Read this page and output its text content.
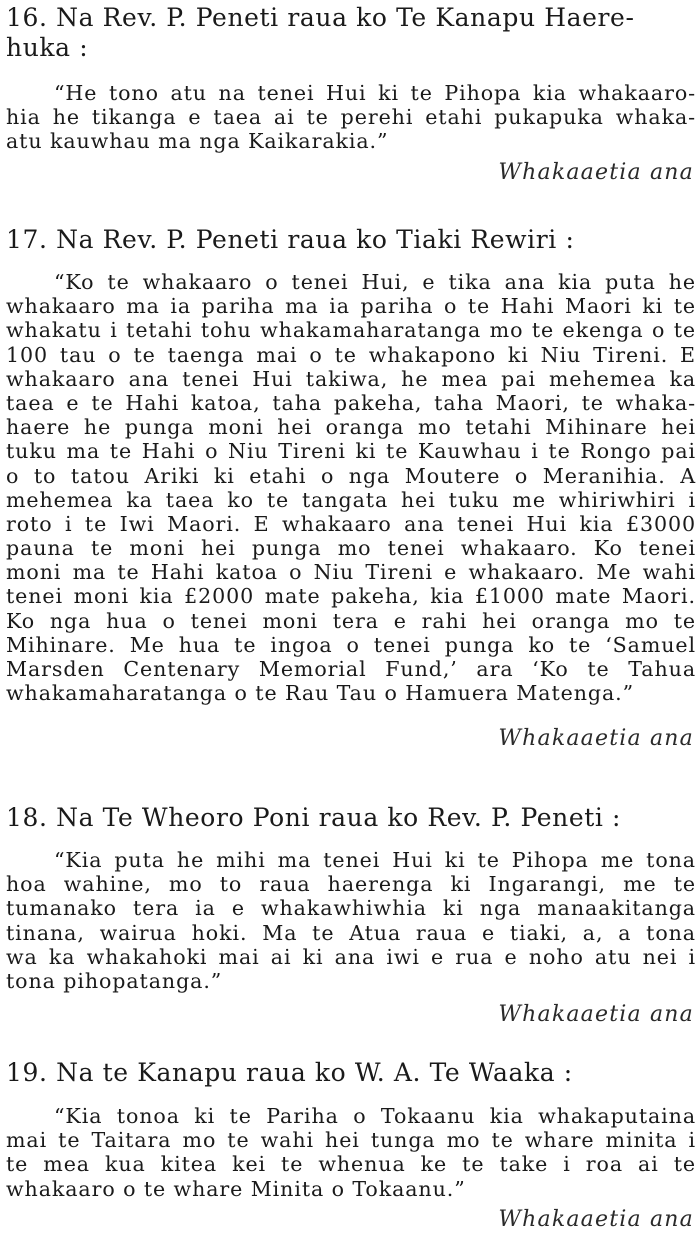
16. Na Rev. P. Peneti raua ko Te Kanapu Haere-
huka :
“He tono atu na tenei Hui ki te Pihopa kia whakaaro-
hia he tikanga e taea ai te perehi etahi pukapuka whaka-
atu kauwhau ma nga Kaikarakia.”
Whakaaetia ana
17. Na Rev. P. Peneti raua ko Tiaki Rewiri :
“Ko te whakaaro o tenei Hui, e tika ana kia puta he
whakaaro ma ia pariha ma ia pariha o te Hahi Maori ki te
whakatu i tetahi tohu whakamaharatanga mo te ekenga o te
100 tau o te taenga mai o te whakapono ki Niu Tireni. E
whakaaro ana tenei Hui takiwa, he mea pai mehemea ka
taea e te Hahi katoa, taha pakeha, taha Maori, te whaka-
haere he punga moni hei oranga mo tetahi Mihinare hei
tuku ma te Hahi o Niu Tireni ki te Kauwhau i te Rongo pai
o to tatou Ariki ki etahi o nga Moutere o Meranihia. A
mehemea ka taea ko te tangata hei tuku me whiriwhiri i
roto i te Iwi Maori. E whakaaro ana tenei Hui kia £3000
pauna te moni hei punga mo tenei whakaaro. Ko tenei
moni ma te Hahi katoa o Niu Tireni e whakaaro. Me wahi
tenei moni kia £2000 mate pakeha, kia £1000 mate Maori.
Ko nga hua o tenei moni tera e rahi hei oranga mo te
Mihinare. Me hua te ingoa o tenei punga ko te ‘Samuel
Marsden Centenary Memorial Fund,’ ara ‘Ko te Tahua
whakamaharatanga o te Rau Tau o Hamuera Matenga.”
Whakaaetia ana
18. Na Te Wheoro Poni raua ko Rev. P. Peneti :
“Kia puta he mihi ma tenei Hui ki te Pihopa me tona
hoa wahine, mo to raua haerenga ki Ingarangi, me te
tumanako tera ia e whakawhiwhia ki nga manaakitanga
tinana, wairua hoki. Ma te Atua raua e tiaki, a, a tona
wa ka whakahoki mai ai ki ana iwi e rua e noho atu nei i
tona pihopatanga.”
Whakaaetia ana
19. Na te Kanapu raua ko W. A. Te Waaka :
“Kia tonoa ki te Pariha o Tokaanu kia whakaputaina
mai te Taitara mo te wahi hei tunga mo te whare minita i
te mea kua kitea kei te whenua ke te take i roa ai te
whakaaro o te whare Minita o Tokaanu.”
Whakaaetia ana
